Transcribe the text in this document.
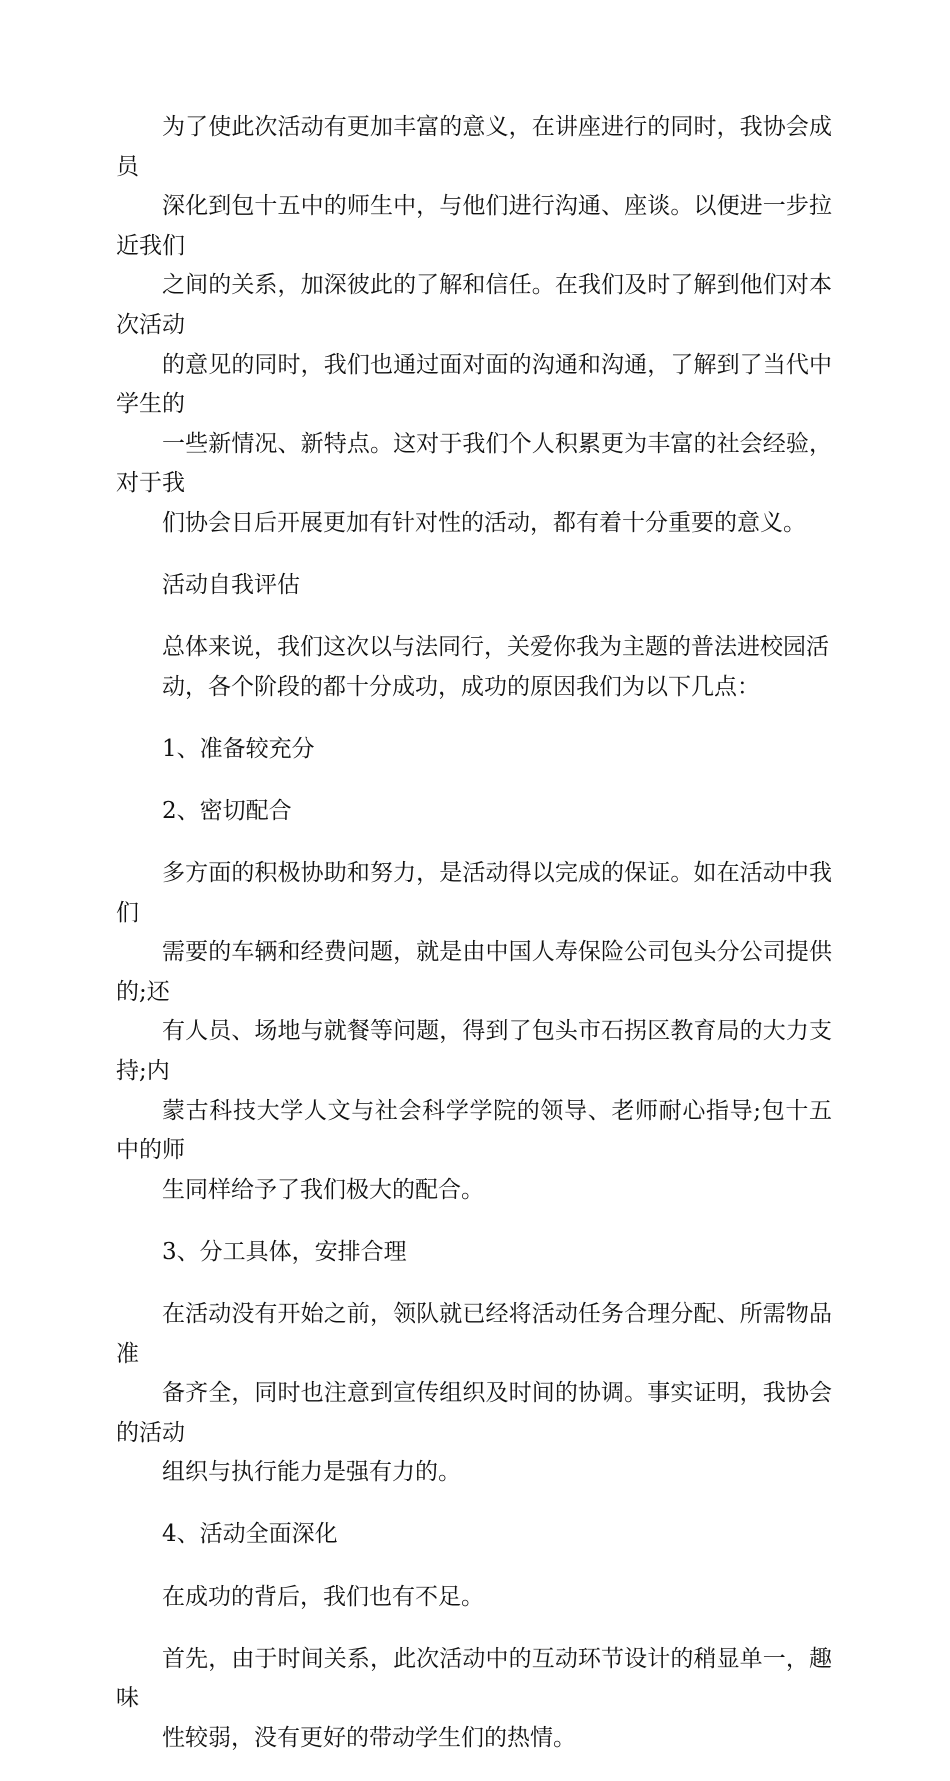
为了使此次活动有更加丰富的意义，在讲座进行的同时，我协会成员
深化到包十五中的师生中，与他们进行沟通、座谈。以便进一步拉近我们
之间的关系，加深彼此的了解和信任。在我们及时了解到他们对本次活动
的意见的同时，我们也通过面对面的沟通和沟通，了解到了当代中学生的
一些新情况、新特点。这对于我们个人积累更为丰富的社会经验，对于我
们协会日后开展更加有针对性的活动，都有着十分重要的意义。

活动自我评估

总体来说，我们这次以与法同行，关爱你我为主题的普法进校园活
动，各个阶段的都十分成功，成功的原因我们为以下几点：

1、准备较充分

2、密切配合

多方面的积极协助和努力，是活动得以完成的保证。如在活动中我们
需要的车辆和经费问题，就是由中国人寿保险公司包头分公司提供的;还
有人员、场地与就餐等问题，得到了包头市石拐区教育局的大力支持;内
蒙古科技大学人文与社会科学学院的领导、老师耐心指导;包十五中的师
生同样给予了我们极大的配合。

3、分工具体，安排合理

在活动没有开始之前，领队就已经将活动任务合理分配、所需物品准
备齐全，同时也注意到宣传组织及时间的协调。事实证明，我协会的活动
组织与执行能力是强有力的。

4、活动全面深化

在成功的背后，我们也有不足。

首先，由于时间关系，此次活动中的互动环节设计的稍显单一，趣味
性较弱，没有更好的带动学生们的热情。
